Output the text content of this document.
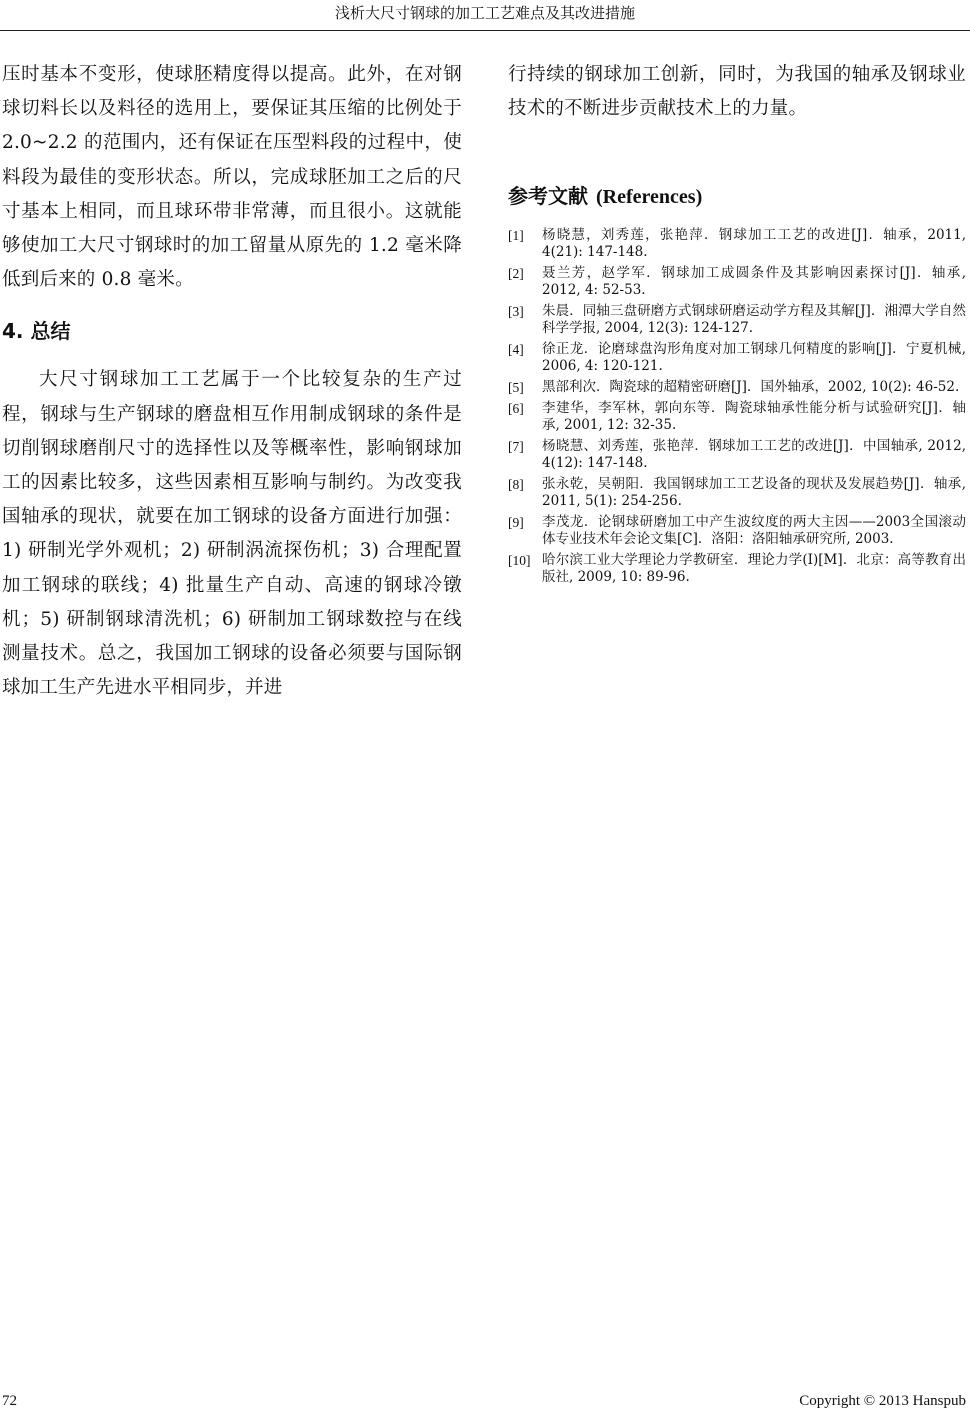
浅析大尺寸钢球的加工工艺难点及其改进措施

压时基本不变形，使球胚精度得以提高。此外，在对钢球切料长以及料径的选用上，要保证其压缩的比例处于 2.0~2.2 的范围内，还有保证在压型料段的过程中，使料段为最佳的变形状态。所以，完成球胚加工之后的尺寸基本上相同，而且球环带非常薄，而且很小。这就能够使加工大尺寸钢球时的加工留量从原先的 1.2 毫米降低到后来的 0.8 毫米。

4. 总结

大尺寸钢球加工工艺属于一个比较复杂的生产过程，钢球与生产钢球的磨盘相互作用制成钢球的条件是切削钢球磨削尺寸的选择性以及等概率性，影响钢球加工的因素比较多，这些因素相互影响与制约。为改变我国轴承的现状，就要在加工钢球的设备方面进行加强：1) 研制光学外观机；2) 研制涡流探伤机；3) 合理配置加工钢球的联线；4) 批量生产自动、高速的钢球冷镦机；5) 研制钢球清洗机；6) 研制加工钢球数控与在线测量技术。总之，我国加工钢球的设备必须要与国际钢球加工生产先进水平相同步，并进

行持续的钢球加工创新，同时，为我国的轴承及钢球业技术的不断进步贡献技术上的力量。

参考文献 (References)
[1]	杨晓慧，刘秀莲，张艳萍．钢球加工工艺的改进[J]．轴承，2011, 4(21): 147-148.
[2]	聂兰芳，赵学军．钢球加工成圆条件及其影响因素探讨[J]．轴承, 2012, 4: 52-53.
[3]	朱晨．同轴三盘研磨方式钢球研磨运动学方程及其解[J]．湘潭大学自然科学学报, 2004, 12(3): 124-127.
[4]	徐正龙．论磨球盘沟形角度对加工钢球几何精度的影响[J]．宁夏机械, 2006, 4: 120-121.
[5]	黑部利次．陶瓷球的超精密研磨[J]．国外轴承，2002, 10(2): 46-52.
[6]	李建华，李军林，郭向东等．陶瓷球轴承性能分析与试验研究[J]．轴承, 2001, 12: 32-35.
[7]	杨晓慧、刘秀莲，张艳萍．钢球加工工艺的改进[J]．中国轴承, 2012, 4(12): 147-148.
[8]	张永乾，吴朝阳．我国钢球加工工艺设备的现状及发展趋势[J]．轴承, 2011, 5(1): 254-256.
[9]	李茂龙．论钢球研磨加工中产生波纹度的两大主因——2003全国滚动体专业技术年会论文集[C]．洛阳：洛阳轴承研究所, 2003.
[10] 哈尔滨工业大学理论力学教研室．理论力学(I)[M]．北京：高等教育出版社, 2009, 10: 89-96.
72	Copyright © 2013 Hanspub
